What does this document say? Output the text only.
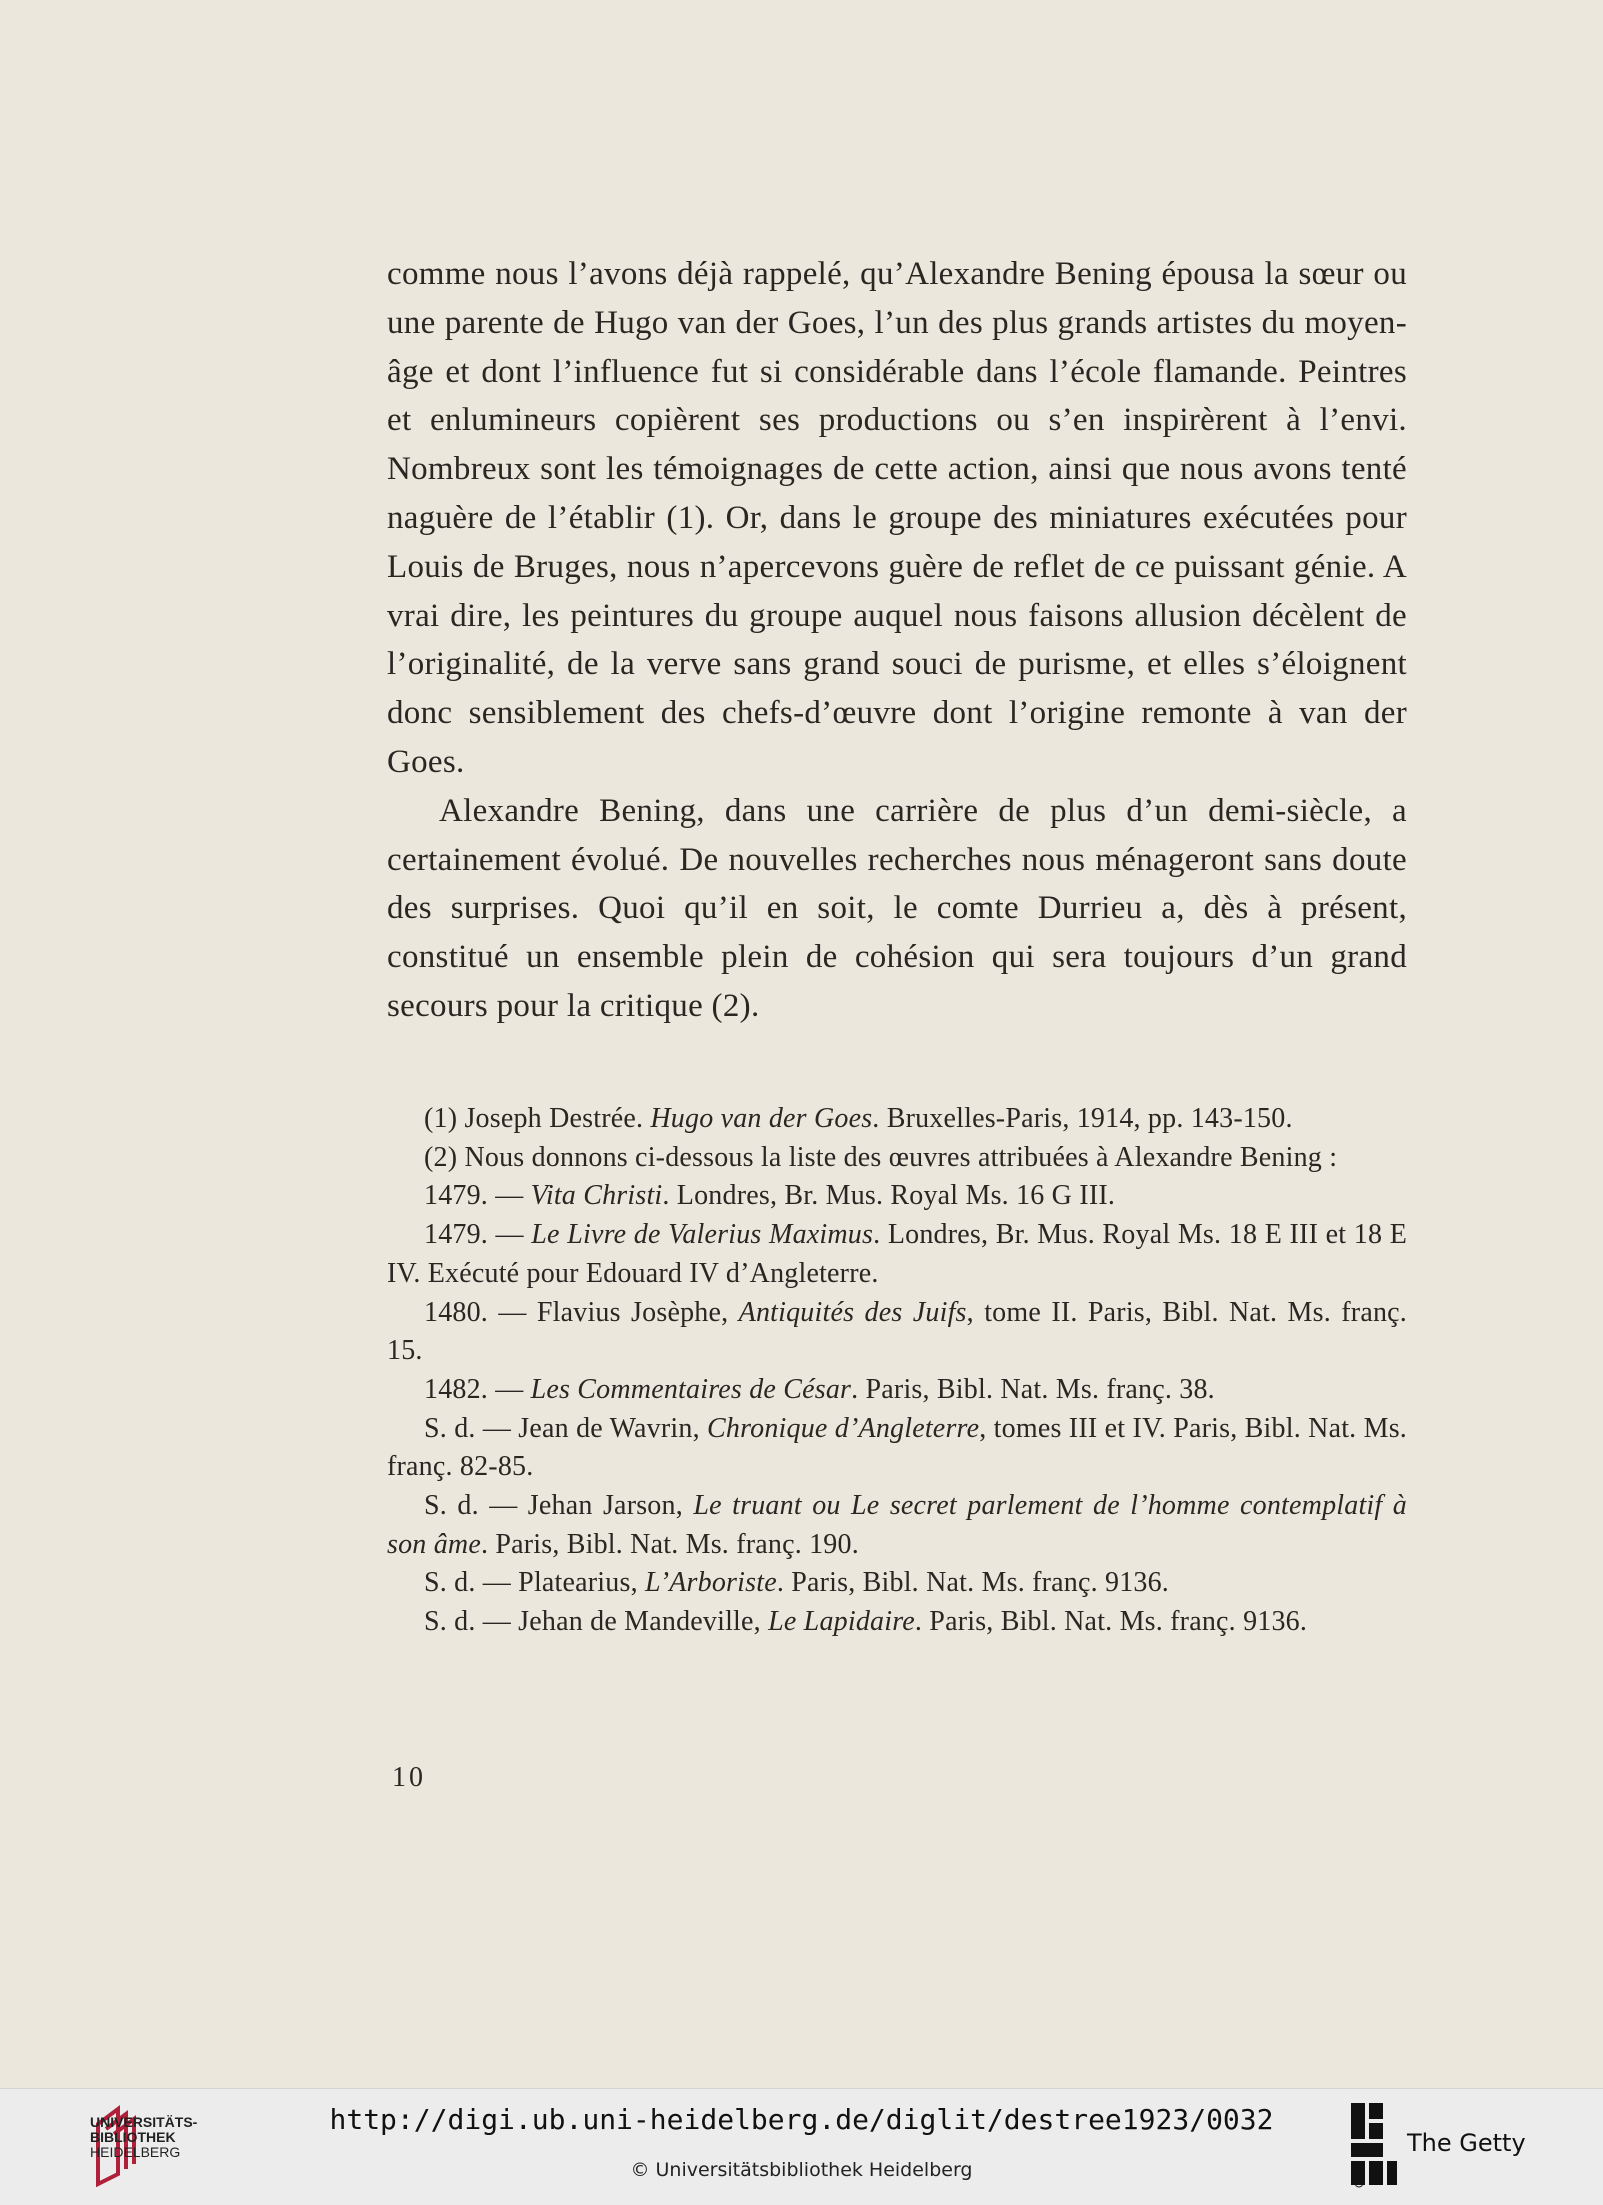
comme nous l’avons déjà rappelé, qu’Alexandre Bening épousa la sœur ou une parente de Hugo van der Goes, l’un des plus grands artistes du moyen-âge et dont l’influence fut si considérable dans l’école flamande. Peintres et enlumineurs copièrent ses productions ou s’en inspirèrent à l’envi. Nombreux sont les témoignages de cette action, ainsi que nous avons tenté naguère de l’établir (1). Or, dans le groupe des miniatures exécutées pour Louis de Bruges, nous n’apercevons guère de reflet de ce puissant génie. A vrai dire, les peintures du groupe auquel nous faisons allusion décèlent de l’originalité, de la verve sans grand souci de purisme, et elles s’éloignent donc sensiblement des chefs-d’œuvre dont l’origine remonte à van der Goes.

Alexandre Bening, dans une carrière de plus d’un demi-siècle, a certainement évolué. De nouvelles recherches nous ménageront sans doute des surprises. Quoi qu’il en soit, le comte Durrieu a, dès à présent, constitué un ensemble plein de cohésion qui sera toujours d’un grand secours pour la critique (2).

(1) Joseph Destrée. Hugo van der Goes. Bruxelles-Paris, 1914, pp. 143-150.

(2) Nous donnons ci-dessous la liste des œuvres attribuées à Alexandre Bening :

1479. — Vita Christi. Londres, Br. Mus. Royal Ms. 16 G III.

1479. — Le Livre de Valerius Maximus. Londres, Br. Mus. Royal Ms. 18 E III et 18 E IV. Exécuté pour Edouard IV d’Angleterre.

1480. — Flavius Josèphe, Antiquités des Juifs, tome II. Paris, Bibl. Nat. Ms. franç. 15.

1482. — Les Commentaires de César. Paris, Bibl. Nat. Ms. franç. 38.

S. d. — Jean de Wavrin, Chronique d’Angleterre, tomes III et IV. Paris, Bibl. Nat. Ms. franç. 82-85.

S. d. — Jehan Jarson, Le truant ou Le secret parlement de l’homme contemplatif à son âme. Paris, Bibl. Nat. Ms. franç. 190.

S. d. — Platearius, L’Arboriste. Paris, Bibl. Nat. Ms. franç. 9136.

S. d. — Jehan de Mandeville, Le Lapidaire. Paris, Bibl. Nat. Ms. franç. 9136.

10
UNIVERSITÄTS-
BIBLIOTHEK
HEIDELBERG
http://digi.ub.uni-heidelberg.de/diglit/destree1923/0032
© Universitätsbibliothek Heidelberg
The Getty
